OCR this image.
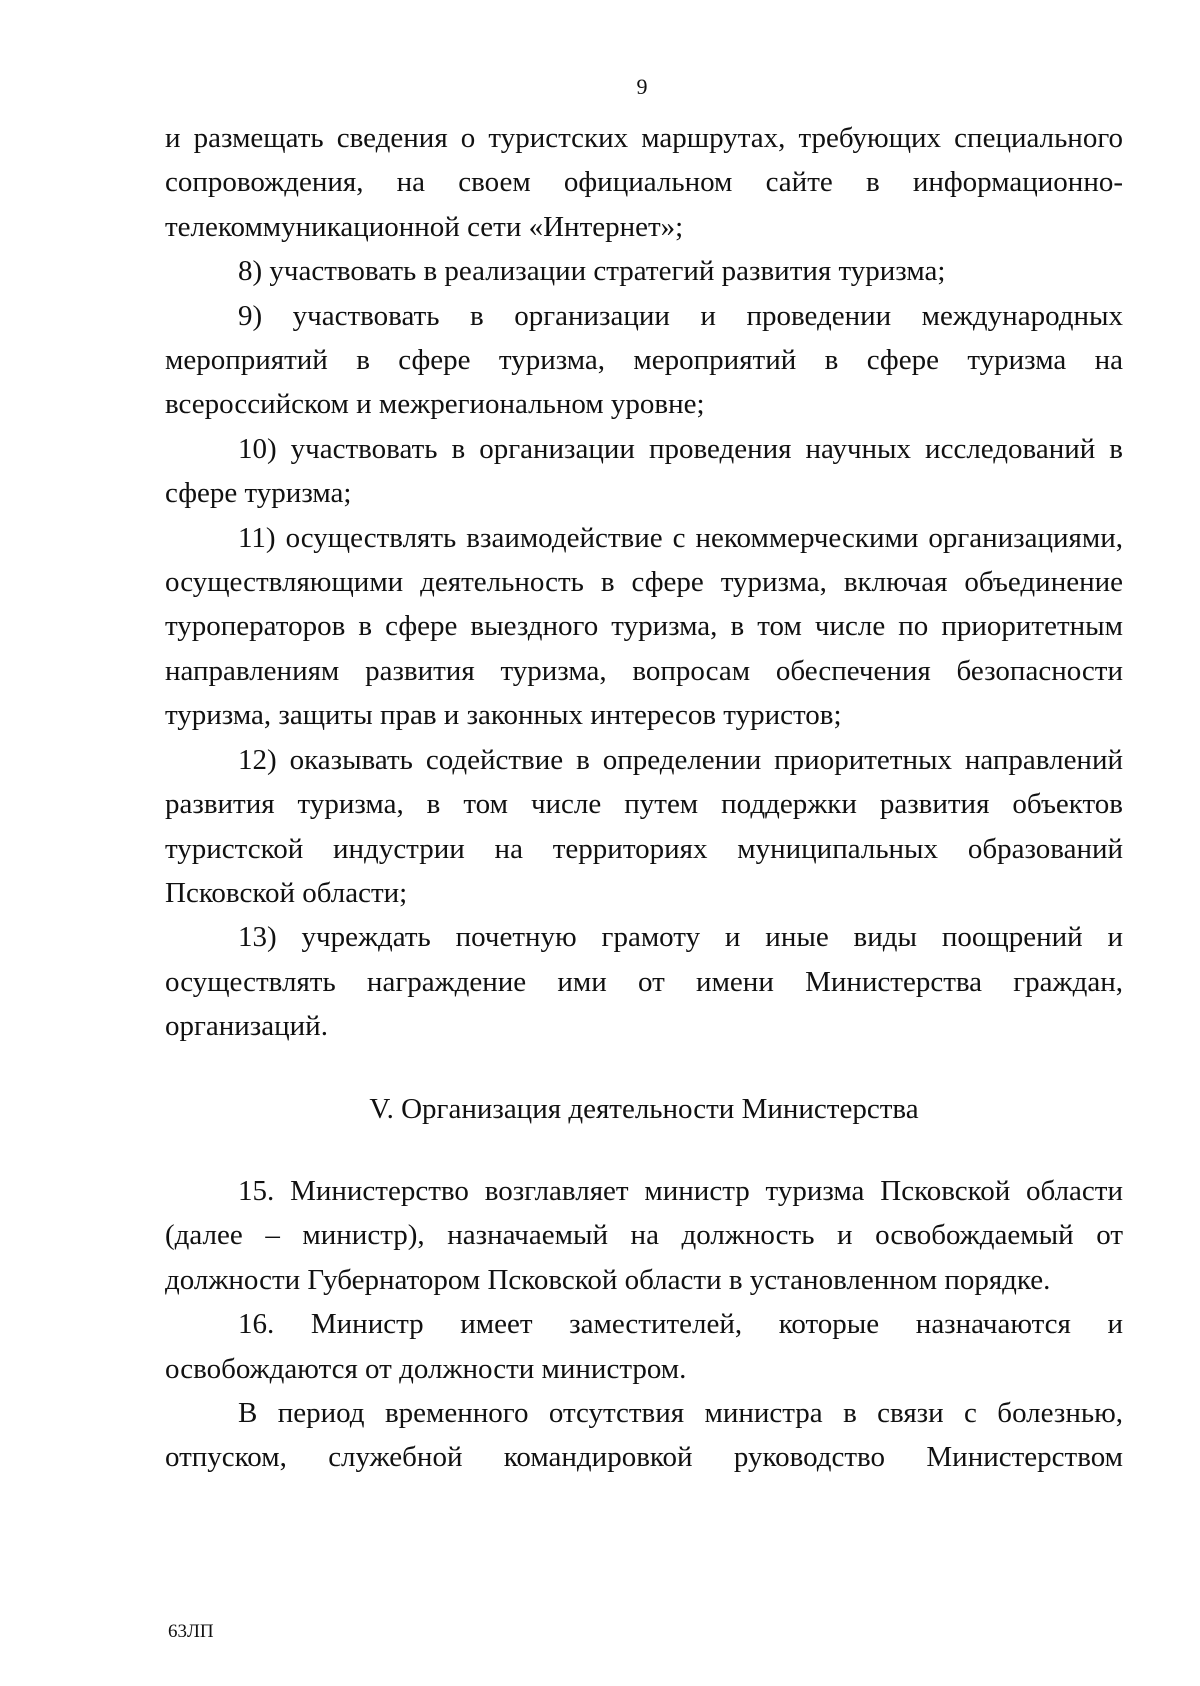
9

и размещать сведения о туристских маршрутах, требующих специального сопровождения, на своем официальном сайте в информационно-телекоммуникационной сети «Интернет»;

8) участвовать в реализации стратегий развития туризма;

9) участвовать в организации и проведении международных мероприятий в сфере туризма, мероприятий в сфере туризма на всероссийском и межрегиональном уровне;

10) участвовать в организации проведения научных исследований в сфере туризма;

11) осуществлять взаимодействие с некоммерческими организациями, осуществляющими деятельность в сфере туризма, включая объединение туроператоров в сфере выездного туризма, в том числе по приоритетным направлениям развития туризма, вопросам обеспечения безопасности туризма, защиты прав и законных интересов туристов;

12) оказывать содействие в определении приоритетных направлений развития туризма, в том числе путем поддержки развития объектов туристской индустрии на территориях муниципальных образований Псковской области;

13) учреждать почетную грамоту и иные виды поощрений и осуществлять награждение ими от имени Министерства граждан, организаций.

V. Организация деятельности Министерства

15. Министерство возглавляет министр туризма Псковской области (далее – министр), назначаемый на должность и освобождаемый от должности Губернатором Псковской области в установленном порядке.

16. Министр имеет заместителей, которые назначаются и освобождаются от должности министром.

В период временного отсутствия министра в связи с болезнью, отпуском, служебной командировкой руководство Министерством

63ЛП
